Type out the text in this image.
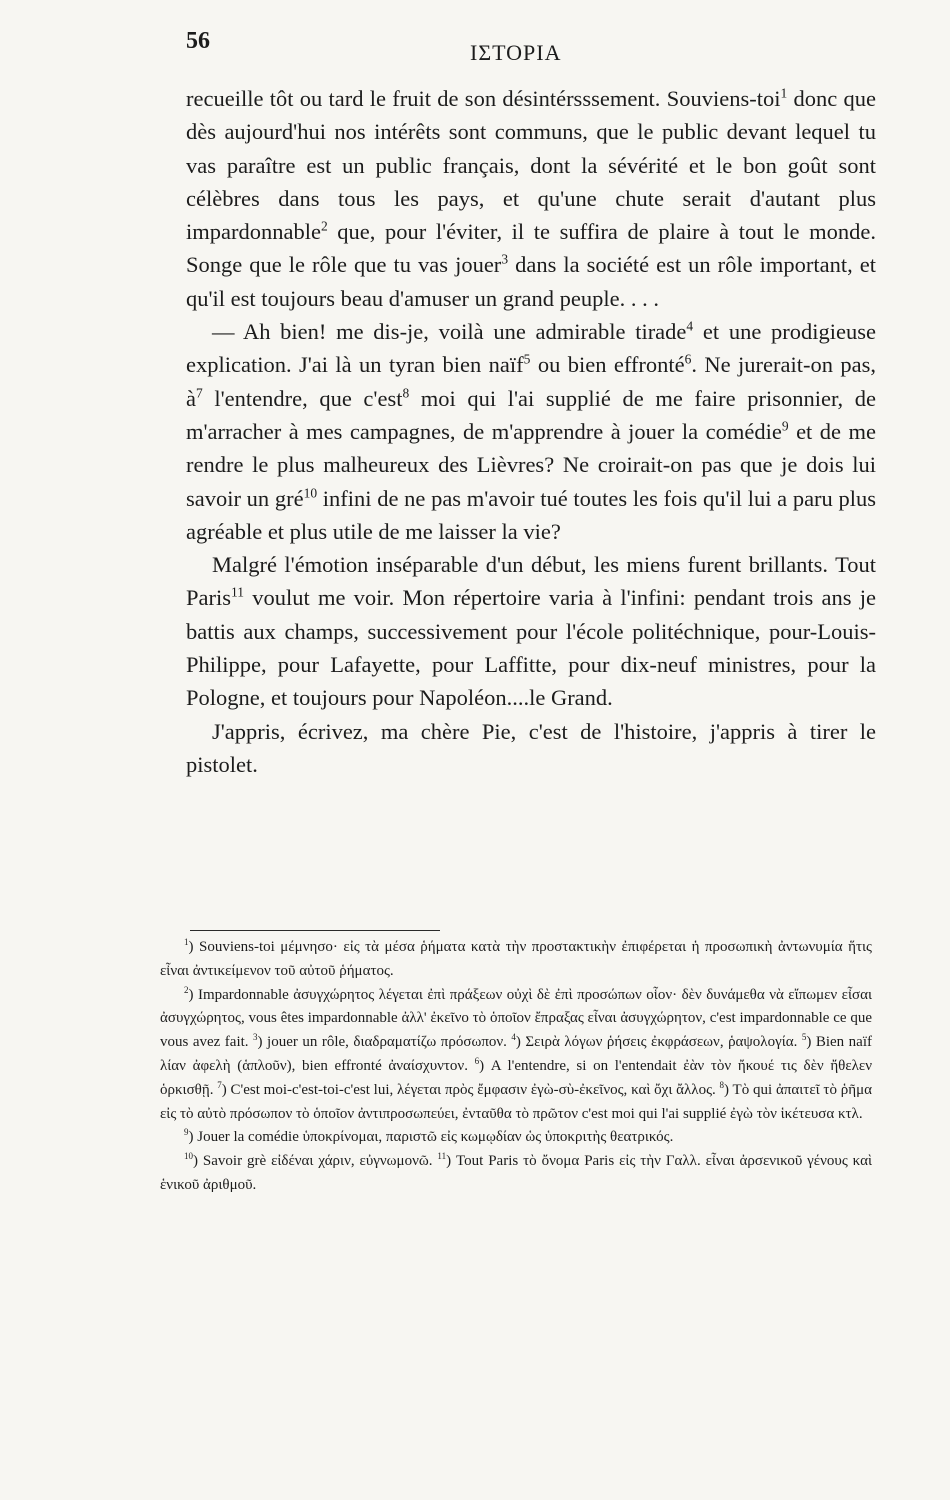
56	ΙΣΤΟΡΙΑ

recueille tôt ou tard le fruit de son désintérsssement. Souviens-toi$^1$ donc que dès aujourd'hui nos intérêts sont communs, que le public devant lequel tu vas paraître est un public français, dont la sévérité et le bon goût sont célèbres dans tous les pays, et qu'une chute serait d'autant plus impardonnable$^2$ que, pour l'éviter, il te suffira de plaire à tout le monde. Songe que le rôle que tu vas jouer$^3$ dans la société est un rôle important, et qu'il est toujours beau d'amuser un grand peuple. . . .

— Ah bien! me dis-je, voilà une admirable tirade$^4$ et une prodigieuse explication. J'ai là un tyran bien naïf$^5$ ou bien effronté$^6$. Ne jurerait-on pas, $à^7$ l'entendre, que c'est$^8$ moi qui l'ai supplié de me faire prisonnier, de m'arracher à mes campagnes, de m'apprendre à jouer la comédie$^9$ et de me rendre le plus malheureux des Lièvres? Ne croirait-on pas que je dois lui savoir un gré$^{10}$ infini de ne pas m'avoir tué toutes les fois qu'il lui a paru plus agréable et plus utile de me laisser la vie?

Malgré l'émotion inséparable d'un début, les miens furent brillants. Tout Paris$^{11}$ voulut me voir. Mon répertoire varia à l'infini: pendant trois ans je battis aux champs, successivement pour l'école politéchnique, pour-Louis-Philippe, pour Lafayette, pour Laffitte, pour dix-neuf ministres, pour la Pologne, et toujours pour Napoléon....le Grand.

J'appris, écrivez, ma chère Pie, c'est de l'histoire, j'appris à tirer le pistolet.

$^1$) Souviens-toi μέμνησο· εἰς τὰ μέσα ῥήματα κατὰ τὴν προστακτικὴν ἐπιφέρεται ἡ προσωπικὴ ἀντωνυμία ἥτις εἶναι ἀντικείμενον τοῦ αὐτοῦ ῥήματος.

$^2$) Impardonnable ἀσυγχώρητος λέγεται ἐπὶ πράξεων οὐχὶ δὲ ἐπὶ προσώπων οἷον· δὲν δυνάμεθα νὰ εἴπωμεν εἶσαι ἀσυγχώρητος, vous êtes impardonnable ἀλλ' ἐκεῖνο τὸ ὁποῖον ἔπραξας εἶναι ἀσυγχώρητον, c'est impardonnable ce que vous avez fait. $^3$) jouer un rôle, διαδραματίζω πρόσωπον. $^4$) Σειρὰ λόγων ῥήσεις ἐκφράσεων, ῥαψολογία. $^5$) Bien naïf λίαν ἀφελὴ (ἁπλοῦν), bien effronté ἀναίσχυντον. $^6$) A l'entendre, si on l'entendait ἐὰν τὸν ἤκουέ τις δὲν ἤθελεν ὁρκισθῇ. $^7$) C'est moi-c'est-toi-c'est lui, λέγεται πρὸς ἔμφασιν ἐγὼ-σὺ-ἐκεῖνος, καὶ ὄχι ἄλλος. $^8$) Τὸ qui ἀπαιτεῖ τὸ ῥῆμα εἰς τὸ αὐτὸ πρόσωπον τὸ ὁποῖον ἀντιπροσωπεύει, ἐνταῦθα τὸ πρῶτον c'est moi qui l'ai supplié ἐγὼ τὸν ἱκέτευσα κτλ.

$^9$) Jouer la comédie ὑποκρίνομαι, παριστῶ εἰς κωμῳδίαν ὡς ὑποκριτὴς θεατρικός.

$^{10}$) Savoir grè εἰδέναι χάριν, εὐγνωμονῶ. $^{11}$) Tout Paris τὸ ὄνομα Paris εἰς τὴν Γαλλ. εἶναι ἀρσενικοῦ γένους καὶ ἑνικοῦ ἀριθμοῦ.
